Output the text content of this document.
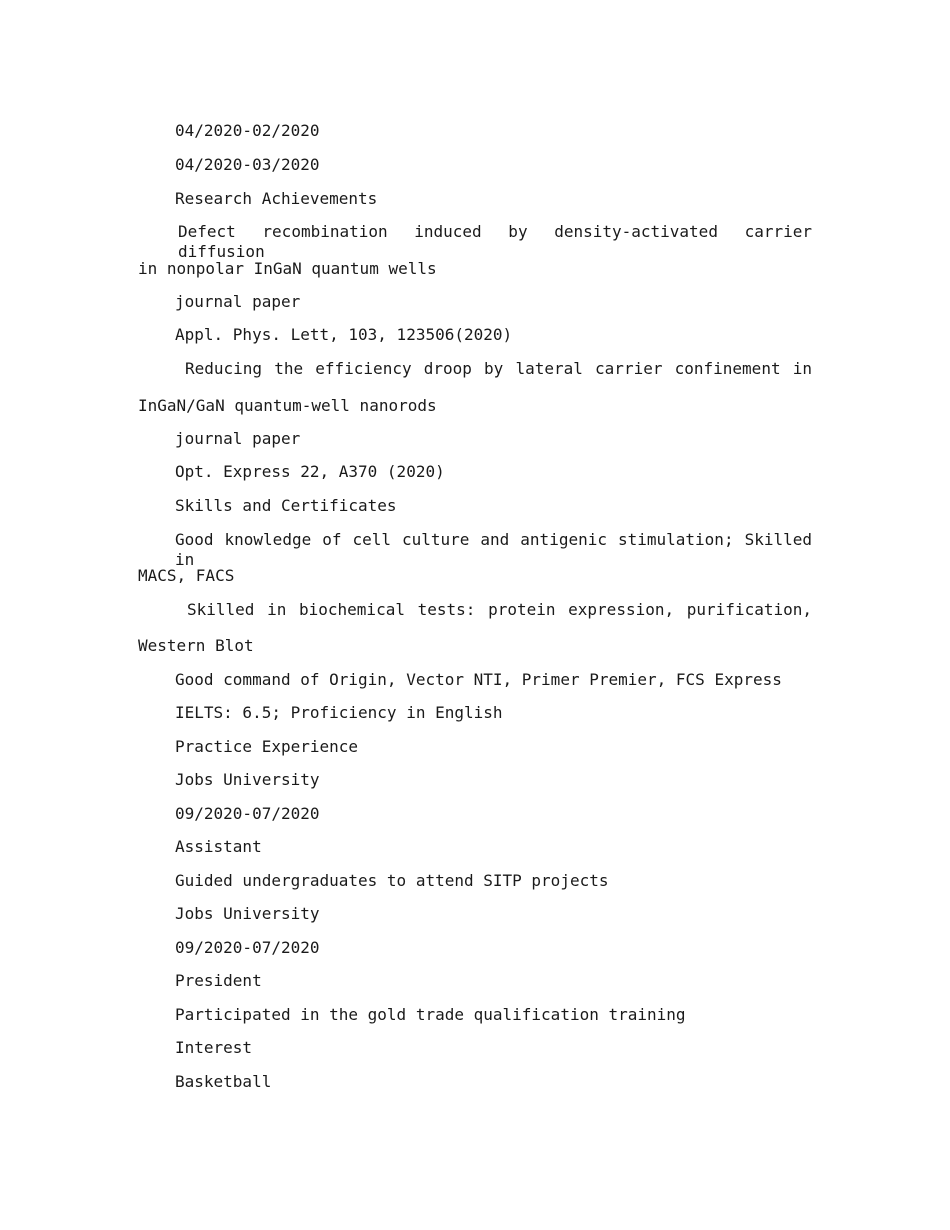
04/2020-02/2020
04/2020-03/2020
Research Achievements
Defect recombination induced by density-activated carrier diffusion
in nonpolar InGaN quantum wells
journal paper
Appl. Phys. Lett, 103, 123506(2020)
Reducing the efficiency droop by lateral carrier confinement in
InGaN/GaN quantum-well nanorods
journal paper
Opt. Express 22, A370 (2020)
Skills and Certificates
Good knowledge of cell culture and antigenic stimulation; Skilled in
MACS, FACS
Skilled in biochemical tests: protein expression, purification,
Western Blot
Good command of Origin, Vector NTI, Primer Premier, FCS Express
IELTS: 6.5; Proficiency in English
Practice Experience
Jobs University
09/2020-07/2020
Assistant
Guided undergraduates to attend SITP projects
Jobs University
09/2020-07/2020
President
Participated in the gold trade qualification training
Interest
Basketball
